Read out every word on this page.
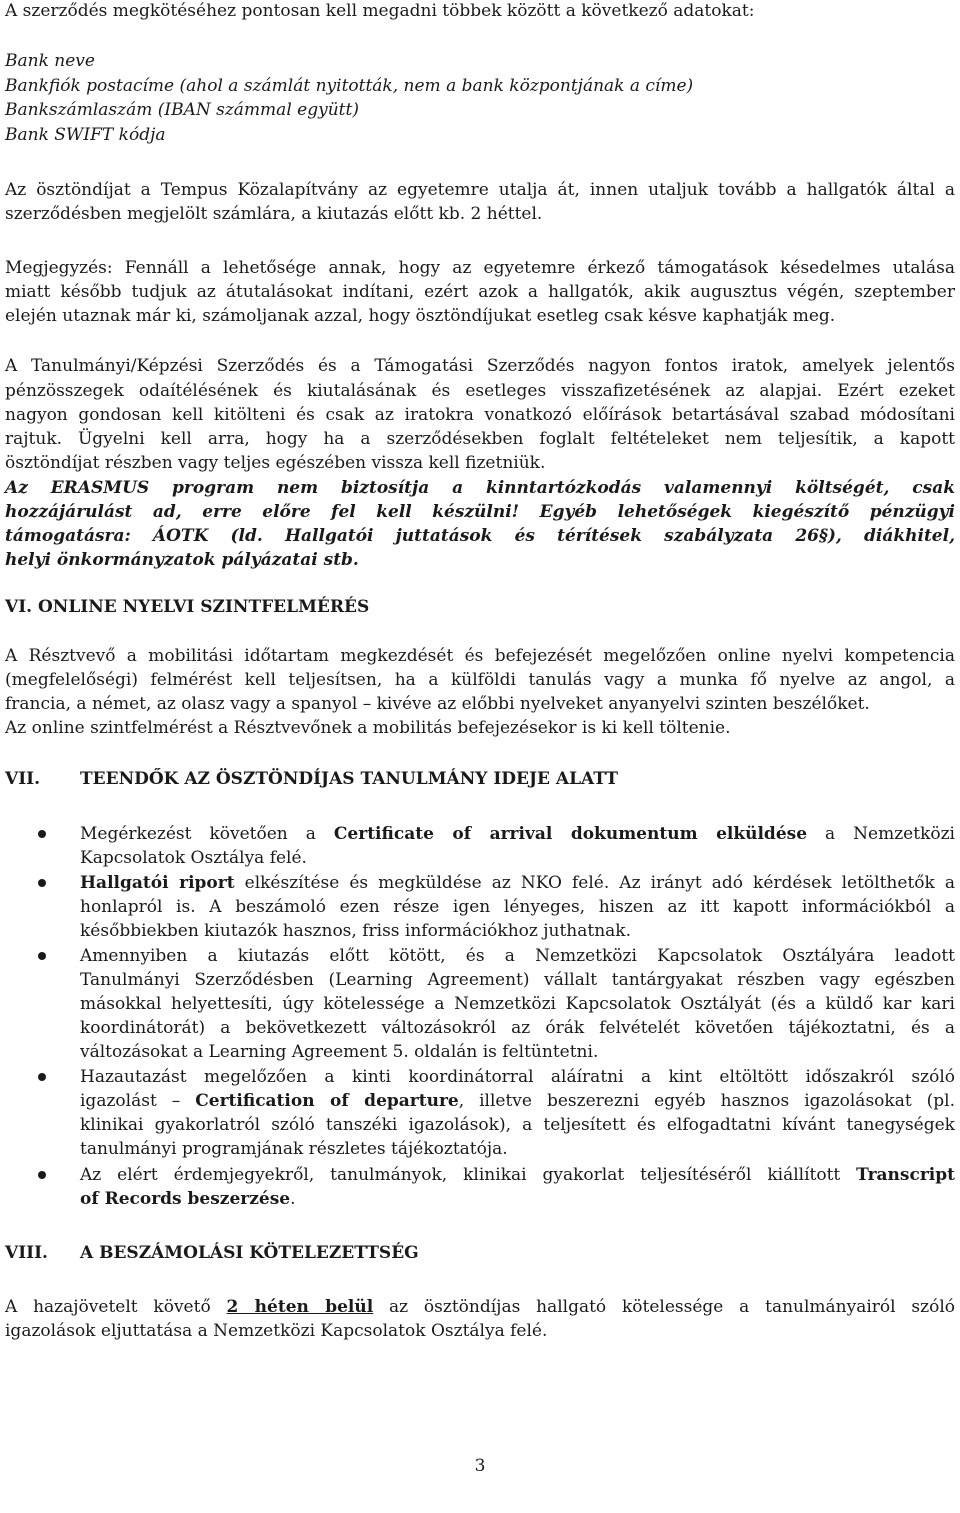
A szerződés megkötéséhez pontosan kell megadni többek között a következő adatokat:
Bank neve
Bankfiók postacíme (ahol a számlát nyitották, nem a bank központjának a címe)
Bankszámlaszám (IBAN számmal együtt)
Bank SWIFT kódja
Az ösztöndíjat a Tempus Közalapítvány az egyetemre utalja át, innen utaljuk tovább a hallgatók által a
szerződésben megjelölt számlára, a kiutazás előtt kb. 2 héttel.
Megjegyzés: Fennáll a lehetősége annak, hogy az egyetemre érkező támogatások késedelmes utalása
miatt később tudjuk az átutalásokat indítani, ezért azok a hallgatók, akik augusztus végén, szeptember
elején utaznak már ki, számoljanak azzal, hogy ösztöndíjukat esetleg csak késve kaphatják meg.
A Tanulmányi/Képzési Szerződés és a Támogatási Szerződés nagyon fontos iratok, amelyek jelentős
pénzösszegek odaítélésének és kiutalásának és esetleges visszafizetésének az alapjai. Ezért ezeket
nagyon gondosan kell kitölteni és csak az iratokra vonatkozó előírások betartásával szabad módosítani
rajtuk. Ügyelni kell arra, hogy ha a szerződésekben foglalt feltételeket nem teljesítik, a kapott
ösztöndíjat részben vagy teljes egészében vissza kell fizetniük.
Az ERASMUS program nem biztosítja a kinntartózkodás valamennyi költségét, csak
hozzájárulást ad, erre előre fel kell készülni! Egyéb lehetőségek kiegészítő pénzügyi
támogatásra: ÁOTK (ld. Hallgatói juttatások és térítések szabályzata 26§), diákhitel,
helyi önkormányzatok pályázatai stb.
VI. ONLINE NYELVI SZINTFELMÉRÉS
A Résztvevő a mobilitási időtartam megkezdését és befejezését megelőzően online nyelvi kompetencia
(megfelelőségi) felmérést kell teljesítsen, ha a külföldi tanulás vagy a munka fő nyelve az angol, a
francia, a német, az olasz vagy a spanyol – kivéve az előbbi nyelveket anyanyelvi szinten beszélőket.
Az online szintfelmérést a Résztvevőnek a mobilitás befejezésekor is ki kell töltenie.
VII. TEENDŐK AZ ÖSZTÖNDÍJAS TANULMÁNY IDEJE ALATT
Megérkezést követően a Certificate of arrival dokumentum elküldése a Nemzetközi
Kapcsolatok Osztálya felé.
Hallgatói riport elkészítése és megküldése az NKO felé. Az irányt adó kérdések letölthetők a
honlapról is. A beszámoló ezen része igen lényeges, hiszen az itt kapott információkból a
későbbiekben kiutazók hasznos, friss információkhoz juthatnak.
Amennyiben a kiutazás előtt kötött, és a Nemzetközi Kapcsolatok Osztályára leadott
Tanulmányi Szerződésben (Learning Agreement) vállalt tantárgyakat részben vagy egészben
másokkal helyettesíti, úgy kötelessége a Nemzetközi Kapcsolatok Osztályát (és a küldő kar kari
koordinátorát) a bekövetkezett változásokról az órák felvételét követően tájékoztatni, és a
változásokat a Learning Agreement 5. oldalán is feltüntetni.
Hazautazást megelőzően a kinti koordinátorral aláíratni a kint eltöltött időszakról szóló
igazolást – Certification of departure, illetve beszerezni egyéb hasznos igazolásokat (pl.
klinikai gyakorlatról szóló tanszéki igazolások), a teljesített és elfogadtatni kívánt tanegységek
tanulmányi programjának részletes tájékoztatója.
Az elért érdemjegyekről, tanulmányok, klinikai gyakorlat teljesítéséről kiállított Transcript
of Records beszerzése.
VIII. A BESZÁMOLÁSI KÖTELEZETTSÉG
A hazajövetelt követő 2 héten belül az ösztöndíjas hallgató kötelessége a tanulmányairól szóló
igazolások eljuttatása a Nemzetközi Kapcsolatok Osztálya felé.
3
